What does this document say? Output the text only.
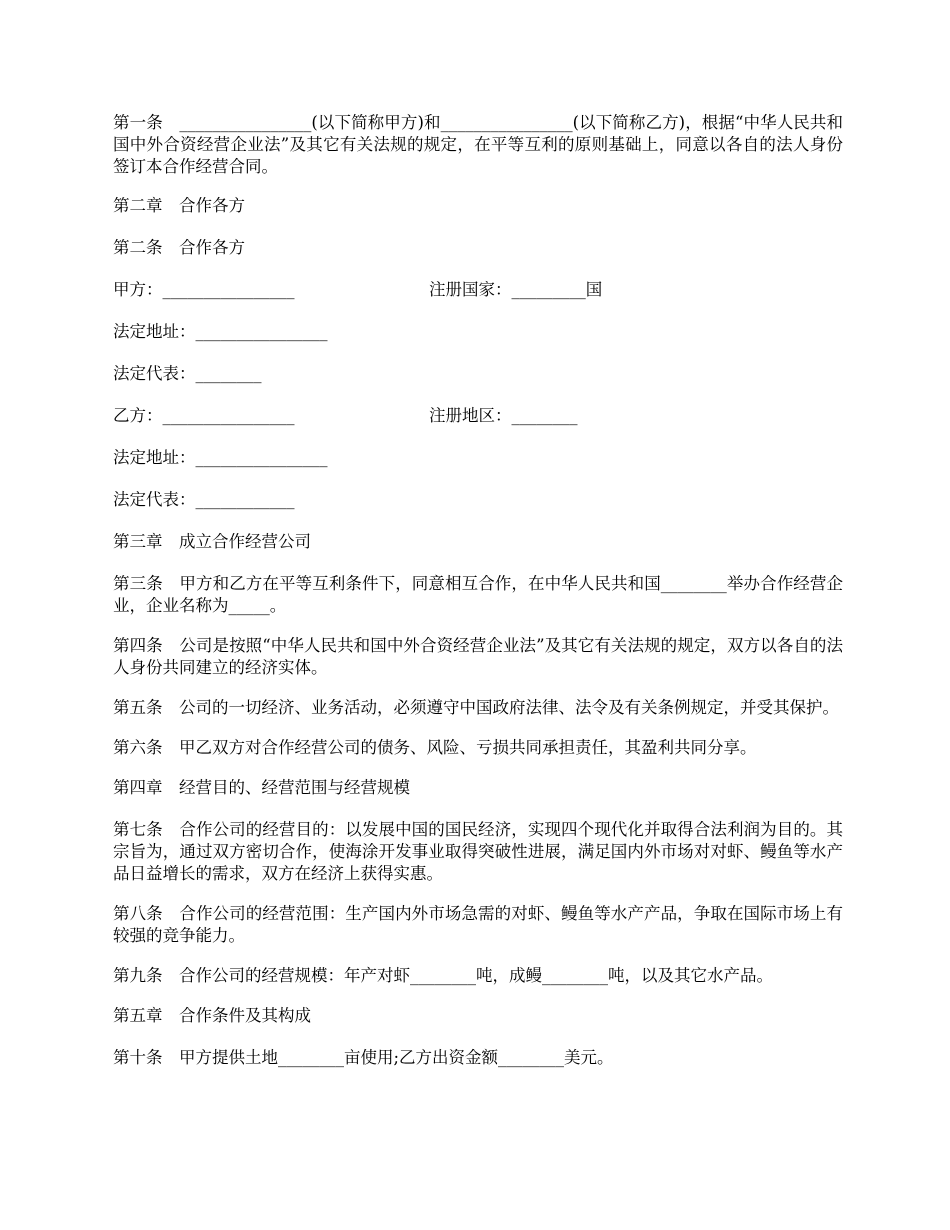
第一条　________________(以下简称甲方)和________________(以下简称乙方)，根据“中华人民共和国中外合资经营企业法”及其它有关法规的规定，在平等互利的原则基础上，同意以各自的法人身份签订本合作经营合同。

第二章　合作各方
第二条　合作各方
甲方：________________	注册国家：_________国
法定地址：________________
法定代表：________
乙方：________________	注册地区：________
法定地址：________________
法定代表：____________
第三章　成立合作经营公司

第三条　甲方和乙方在平等互利条件下，同意相互合作，在中华人民共和国________举办合作经营企业，企业名称为_____。

第四条　公司是按照“中华人民共和国中外合资经营企业法”及其它有关法规的规定，双方以各自的法人身份共同建立的经济实体。

第五条　公司的一切经济、业务活动，必须遵守中国政府法律、法令及有关条例规定，并受其保护。

第六条　甲乙双方对合作经营公司的债务、风险、亏损共同承担责任，其盈利共同分享。

第四章　经营目的、经营范围与经营规模

第七条　合作公司的经营目的：以发展中国的国民经济，实现四个现代化并取得合法利润为目的。其宗旨为，通过双方密切合作，使海涂开发事业取得突破性进展，满足国内外市场对对虾、鳗鱼等水产品日益增长的需求，双方在经济上获得实惠。

第八条　合作公司的经营范围：生产国内外市场急需的对虾、鳗鱼等水产产品，争取在国际市场上有较强的竞争能力。

第九条　合作公司的经营规模：年产对虾________吨，成鳗________吨，以及其它水产品。

第五章　合作条件及其构成

第十条　甲方提供土地________亩使用;乙方出资金额________美元。
